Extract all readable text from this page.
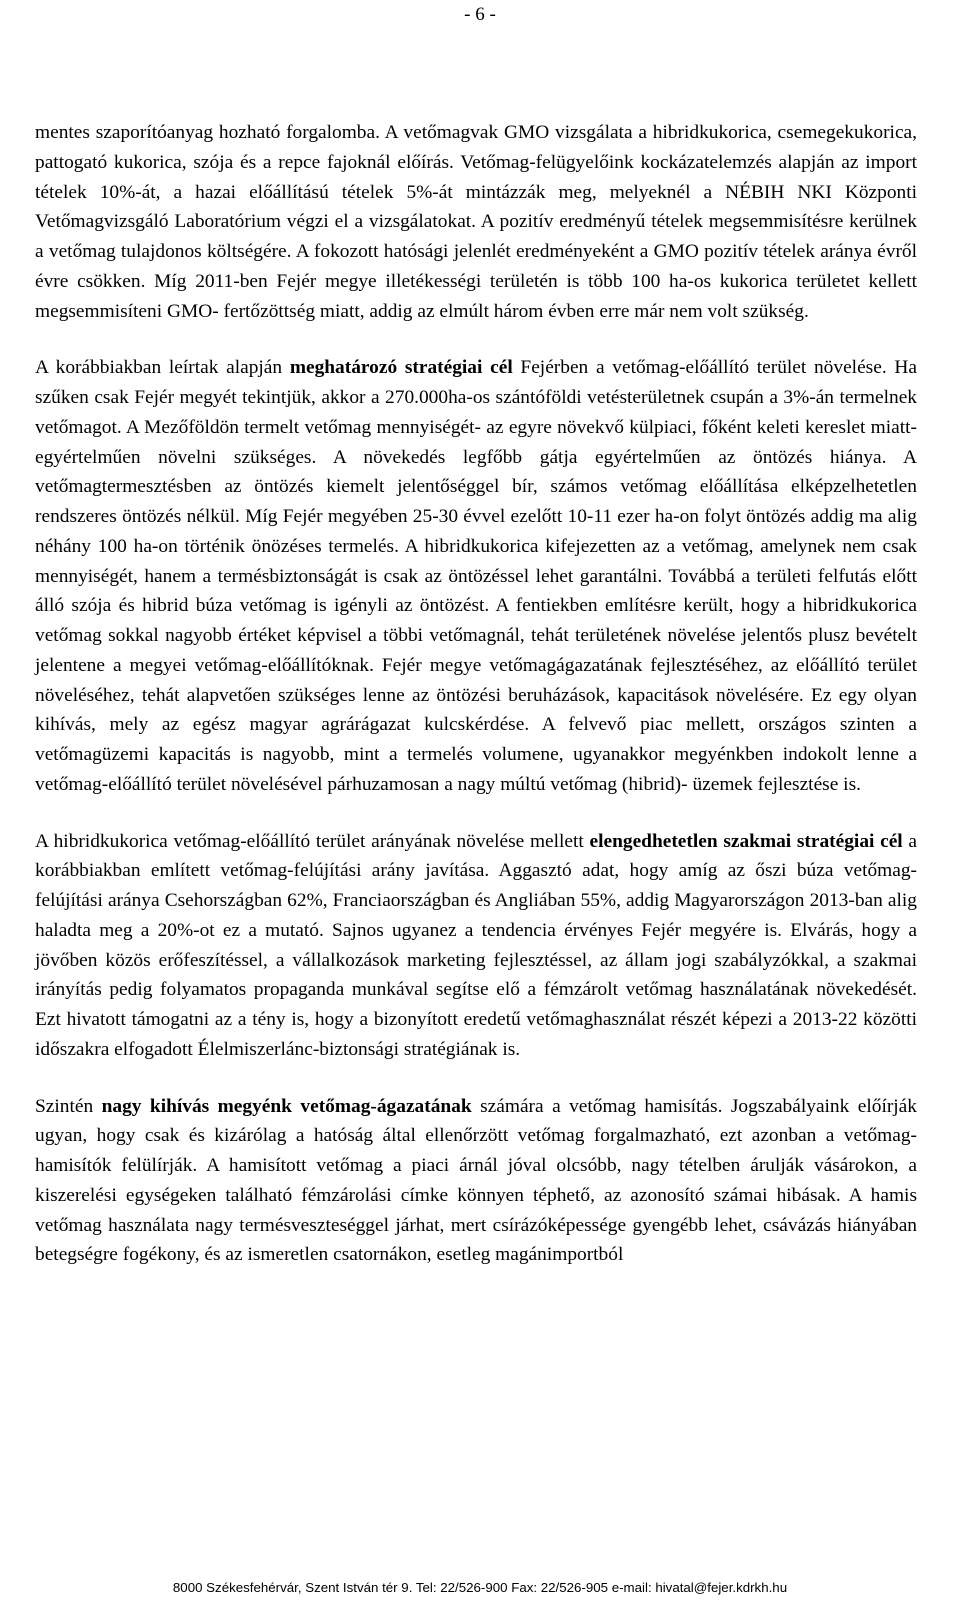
- 6 -

mentes szaporítóanyag hozható forgalomba. A vetőmagvak GMO vizsgálata a hibridkukorica, csemegekukorica, pattogató kukorica, szója és a repce fajoknál előírás. Vetőmag-felügyelőink kockázatelemzés alapján az import tételek 10%-át, a hazai előállítású tételek 5%-át mintázzák meg, melyeknél a NÉBIH NKI Központi Vetőmagvizsgáló Laboratórium végzi el a vizsgálatokat. A pozitív eredményű tételek megsemmisítésre kerülnek a vetőmag tulajdonos költségére. A fokozott hatósági jelenlét eredményeként a GMO pozitív tételek aránya évről évre csökken. Míg 2011-ben Fejér megye illetékességi területén is több 100 ha-os kukorica területet kellett megsemmisíteni GMO- fertőzöttség miatt, addig az elmúlt három évben erre már nem volt szükség.

A korábbiakban leírtak alapján meghatározó stratégiai cél Fejérben a vetőmag-előállító terület növelése. Ha szűken csak Fejér megyét tekintjük, akkor a 270.000ha-os szántóföldi vetésterületnek csupán a 3%-án termelnek vetőmagot. A Mezőföldön termelt vetőmag mennyiségét- az egyre növekvő külpiaci, főként keleti kereslet miatt- egyértelműen növelni szükséges. A növekedés legfőbb gátja egyértelműen az öntözés hiánya. A vetőmagtermesztésben az öntözés kiemelt jelentőséggel bír, számos vetőmag előállítása elképzelhetetlen rendszeres öntözés nélkül. Míg Fejér megyében 25-30 évvel ezelőtt 10-11 ezer ha-on folyt öntözés addig ma alig néhány 100 ha-on történik önözéses termelés. A hibridkukorica kifejezetten az a vetőmag, amelynek nem csak mennyiségét, hanem a termésbiztonságát is csak az öntözéssel lehet garantálni. Továbbá a területi felfutás előtt álló szója és hibrid búza vetőmag is igényli az öntözést. A fentiekben említésre került, hogy a hibridkukorica vetőmag sokkal nagyobb értéket képvisel a többi vetőmagnál, tehát területének növelése jelentős plusz bevételt jelentene a megyei vetőmag-előállítóknak. Fejér megye vetőmagágazatának fejlesztéséhez, az előállító terület növeléséhez, tehát alapvetően szükséges lenne az öntözési beruházások, kapacitások növelésére. Ez egy olyan kihívás, mely az egész magyar agrárágazat kulcskérdése. A felvevő piac mellett, országos szinten a vetőmagüzemi kapacitás is nagyobb, mint a termelés volumene, ugyanakkor megyénkben indokolt lenne a vetőmag-előállító terület növelésével párhuzamosan a nagy múltú vetőmag (hibrid)- üzemek fejlesztése is.

A hibridkukorica vetőmag-előállító terület arányának növelése mellett elengedhetetlen szakmai stratégiai cél a korábbiakban említett vetőmag-felújítási arány javítása. Aggasztó adat, hogy amíg az őszi búza vetőmag-felújítási aránya Csehországban 62%, Franciaországban és Angliában 55%, addig Magyarországon 2013-ban alig haladta meg a 20%-ot ez a mutató. Sajnos ugyanez a tendencia érvényes Fejér megyére is. Elvárás, hogy a jövőben közös erőfeszítéssel, a vállalkozások marketing fejlesztéssel, az állam jogi szabályzókkal, a szakmai irányítás pedig folyamatos propaganda munkával segítse elő a fémzárolt vetőmag használatának növekedését. Ezt hivatott támogatni az a tény is, hogy a bizonyított eredetű vetőmaghasználat részét képezi a 2013-22 közötti időszakra elfogadott Élelmiszerlánc-biztonsági stratégiának is.

Szintén nagy kihívás megyénk vetőmag-ágazatának számára a vetőmag hamisítás. Jogszabályaink előírják ugyan, hogy csak és kizárólag a hatóság által ellenőrzött vetőmag forgalmazható, ezt azonban a vetőmag-hamisítók felülírják. A hamisított vetőmag a piaci árnál jóval olcsóbb, nagy tételben árulják vásárokon, a kiszerelési egységeken található fémzárolási címke könnyen téphető, az azonosító számai hibásak. A hamis vetőmag használata nagy termésveszteséggel járhat, mert csírázóképessége gyengébb lehet, csávázás hiányában betegségre fogékony, és az ismeretlen csatornákon, esetleg magánimportból

8000 Székesfehérvár, Szent István tér 9. Tel: 22/526-900 Fax: 22/526-905 e-mail: hivatal@fejer.kdrkh.hu
